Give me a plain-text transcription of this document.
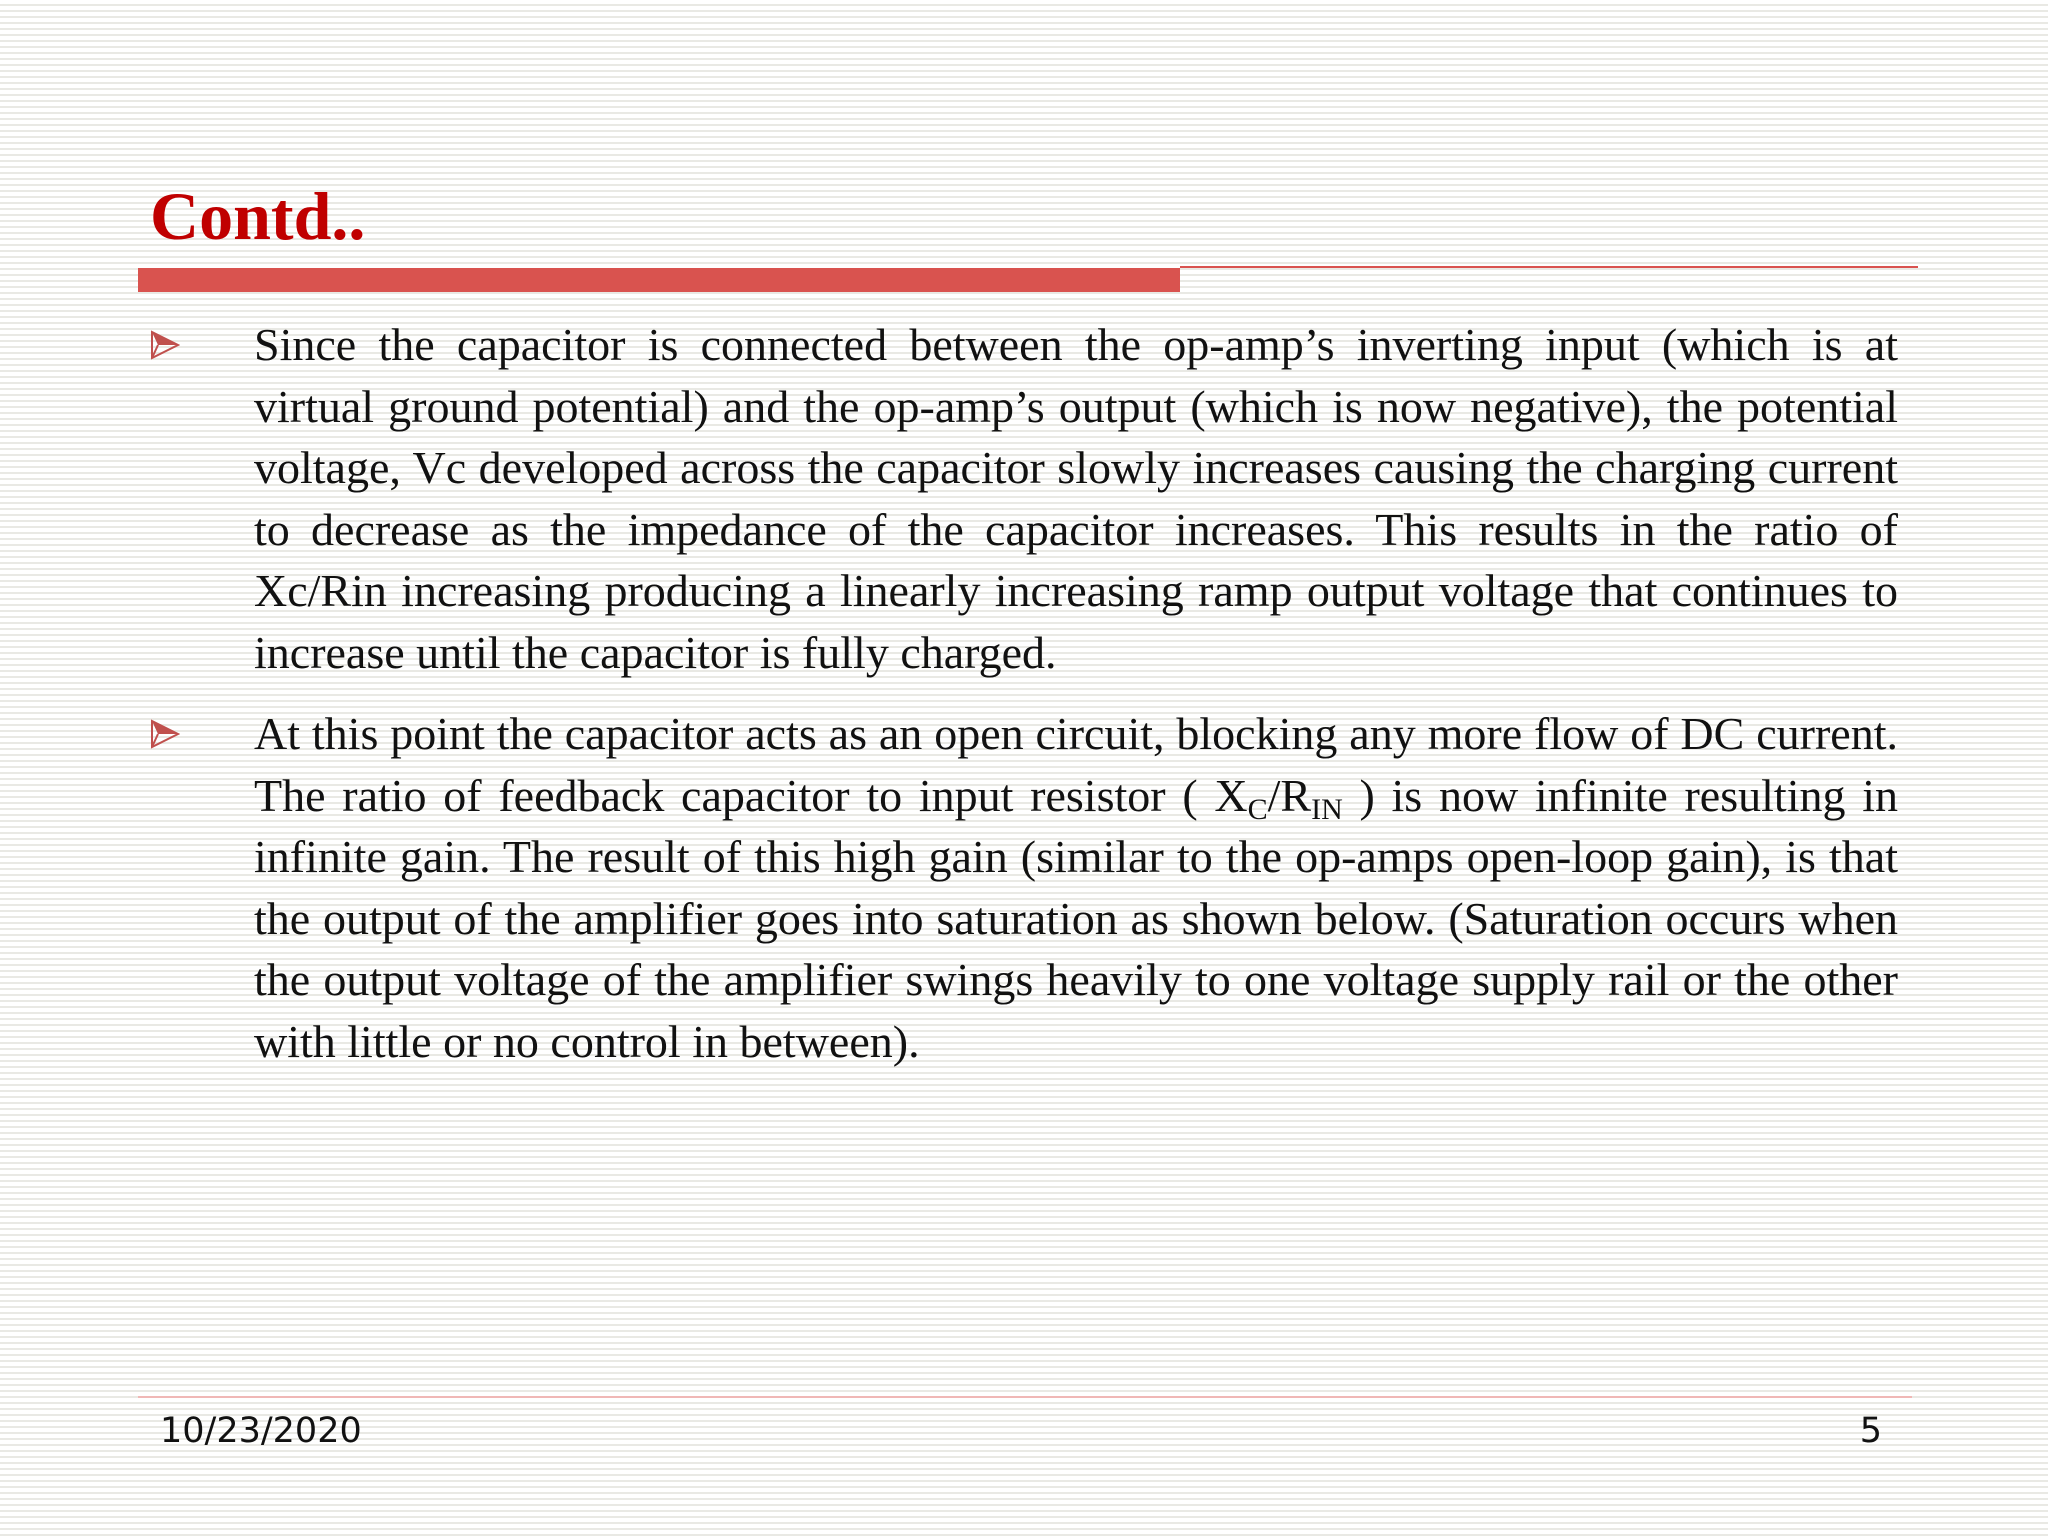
Contd..

Since the capacitor is connected between the op-amp’s inverting input (which is at virtual ground potential) and the op-amp’s output (which is now negative), the potential voltage, Vc developed across the capacitor slowly increases causing the charging current to decrease as the impedance of the capacitor increases. This results in the ratio of Xc/Rin increasing producing a linearly increasing ramp output voltage that continues to increase until the capacitor is fully charged.

At this point the capacitor acts as an open circuit, blocking any more flow of DC current. The ratio of feedback capacitor to input resistor ( $X_C/R_{IN}$ ) is now infinite resulting in infinite gain. The result of this high gain (similar to the op-amps open-loop gain), is that the output of the amplifier goes into saturation as shown below. (Saturation occurs when the output voltage of the amplifier swings heavily to one voltage supply rail or the other with little or no control in between).

10/23/2020	5
